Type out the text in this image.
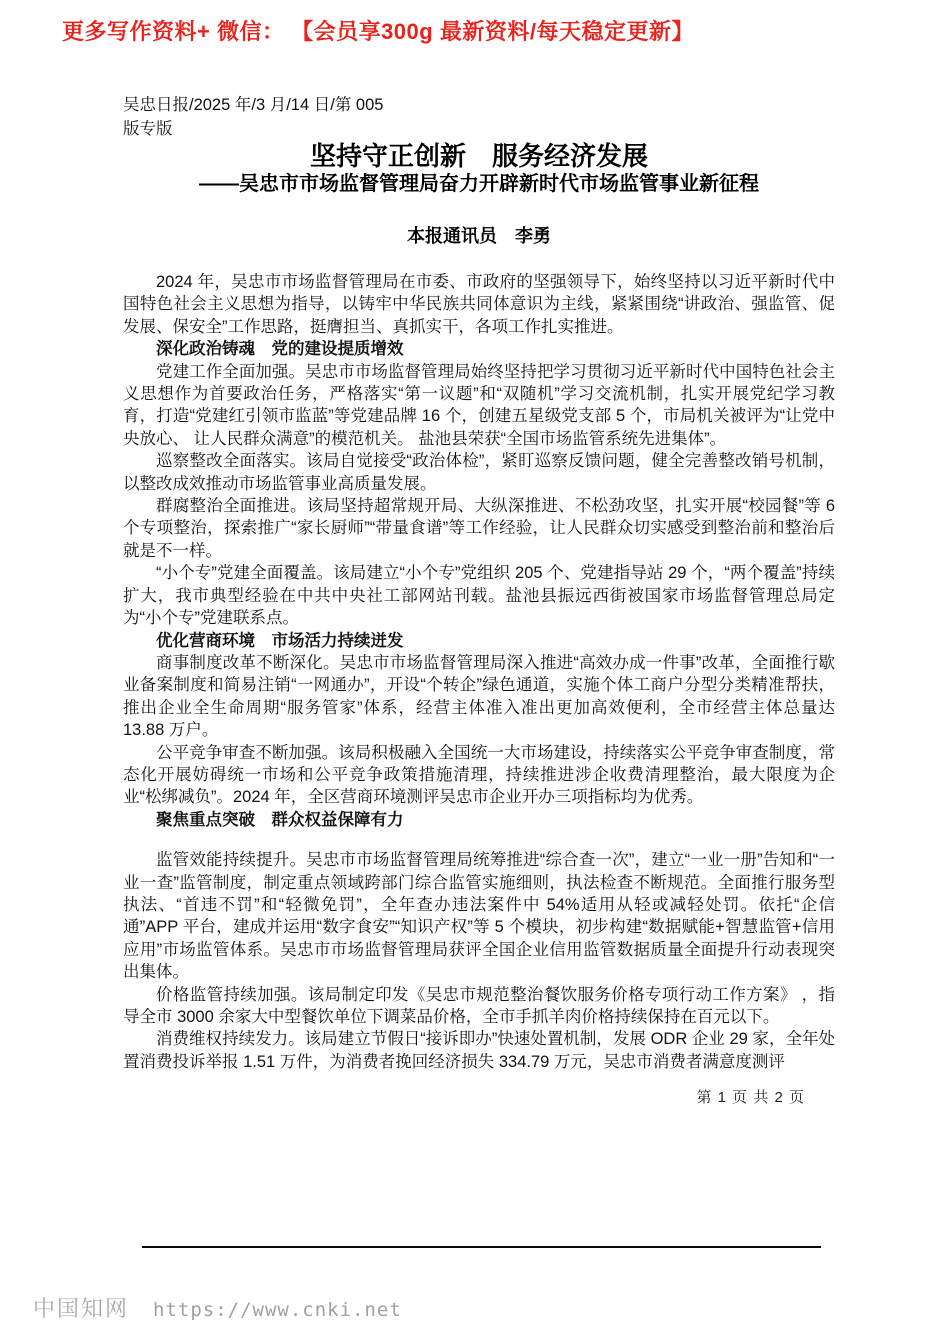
更多写作资料+ 微信： 【会员享300g 最新资料/每天稳定更新】
吴忠日报/2025 年/3 月/14 日/第 005
版专版
坚持守正创新　服务经济发展
——吴忠市市场监督管理局奋力开辟新时代市场监管事业新征程
本报通讯员　李勇

2024 年，吴忠市市场监督管理局在市委、市政府的坚强领导下，始终坚持以习近平新时代中国特色社会主义思想为指导，以铸牢中华民族共同体意识为主线，紧紧围绕“讲政治、强监管、促发展、保安全”工作思路，挺膺担当、真抓实干，各项工作扎实推进。

深化政治铸魂　党的建设提质增效

党建工作全面加强。吴忠市市场监督管理局始终坚持把学习贯彻习近平新时代中国特色社会主义思想作为首要政治任务，严格落实“第一议题”和“双随机”学习交流机制，扎实开展党纪学习教育，打造“党建红引领市监蓝”等党建品牌 16 个，创建五星级党支部 5 个，市局机关被评为“让党中央放心、 让人民群众满意”的模范机关。 盐池县荣获“全国市场监管系统先进集体”。

巡察整改全面落实。该局自觉接受“政治体检”，紧盯巡察反馈问题，健全完善整改销号机制，以整改成效推动市场监管事业高质量发展。

群腐整治全面推进。该局坚持超常规开局、大纵深推进、不松劲攻坚，扎实开展“校园餐”等 6 个专项整治，探索推广“家长厨师”“带量食谱”等工作经验，让人民群众切实感受到整治前和整治后就是不一样。

“小个专”党建全面覆盖。该局建立“小个专”党组织 205 个、党建指导站 29 个，“两个覆盖”持续扩大，我市典型经验在中共中央社工部网站刊载。盐池县振远西街被国家市场监督管理总局定为“小个专”党建联系点。

优化营商环境　市场活力持续迸发

商事制度改革不断深化。吴忠市市场监督管理局深入推进“高效办成一件事”改革，全面推行歇业备案制度和简易注销“一网通办”，开设“个转企”绿色通道，实施个体工商户分型分类精准帮扶，推出企业全生命周期“服务管家”体系，经营主体准入准出更加高效便利，全市经营主体总量达 13.88 万户。

公平竞争审查不断加强。该局积极融入全国统一大市场建设，持续落实公平竞争审查制度，常态化开展妨碍统一市场和公平竞争政策措施清理，持续推进涉企收费清理整治，最大限度为企业“松绑减负”。2024 年，全区营商环境测评吴忠市企业开办三项指标均为优秀。

聚焦重点突破　群众权益保障有力

监管效能持续提升。吴忠市市场监督管理局统筹推进“综合查一次”，建立“一业一册”告知和“一业一查”监管制度，制定重点领域跨部门综合监管实施细则，执法检查不断规范。全面推行服务型执法、“首违不罚”和“轻微免罚”，全年查办违法案件中 54%适用从轻或减轻处罚。依托“企信通”APP 平台，建成并运用“数字食安”“知识产权”等 5 个模块，初步构建“数据赋能+智慧监管+信用应用”市场监管体系。吴忠市市场监督管理局获评全国企业信用监管数据质量全面提升行动表现突出集体。

价格监管持续加强。该局制定印发《吴忠市规范整治餐饮服务价格专项行动工作方案》 ，指导全市 3000 余家大中型餐饮单位下调菜品价格，全市手抓羊肉价格持续保持在百元以下。

消费维权持续发力。该局建立节假日“接诉即办”快速处置机制，发展 ODR 企业 29 家，全年处置消费投诉举报 1.51 万件，为消费者挽回经济损失 334.79 万元，吴忠市消费者满意度测评

第 1 页 共 2 页
中国知网 https://www.cnki.net
